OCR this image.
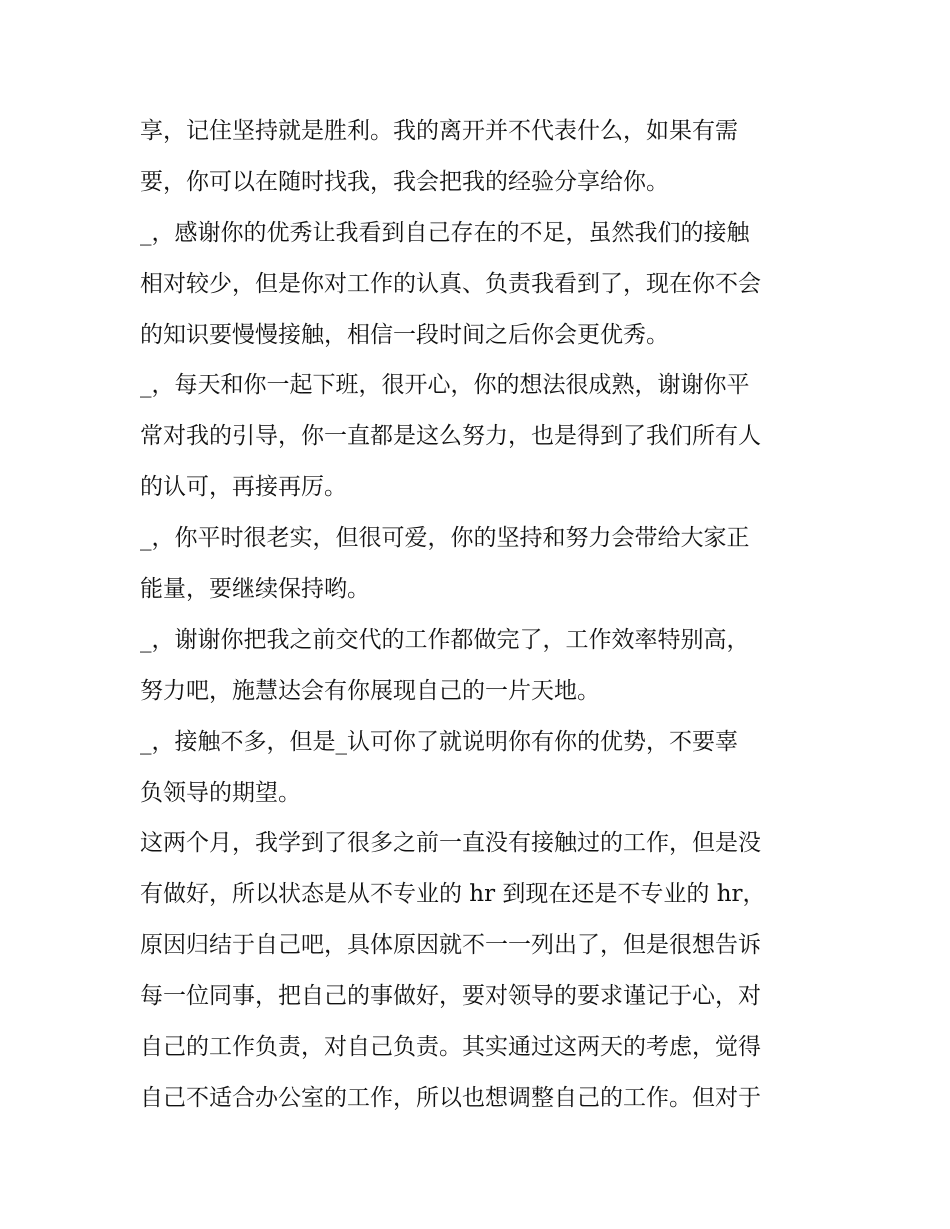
享，记住坚持就是胜利。我的离开并不代表什么，如果有需
要，你可以在随时找我，我会把我的经验分享给你。
_，感谢你的优秀让我看到自己存在的不足，虽然我们的接触
相对较少，但是你对工作的认真、负责我看到了，现在你不会
的知识要慢慢接触，相信一段时间之后你会更优秀。
_，每天和你一起下班，很开心，你的想法很成熟，谢谢你平
常对我的引导，你一直都是这么努力，也是得到了我们所有人
的认可，再接再厉。
_，你平时很老实，但很可爱，你的坚持和努力会带给大家正
能量，要继续保持哟。
_，谢谢你把我之前交代的工作都做完了，工作效率特别高，
努力吧，施慧达会有你展现自己的一片天地。
_，接触不多，但是_认可你了就说明你有你的优势，不要辜
负领导的期望。
这两个月，我学到了很多之前一直没有接触过的工作，但是没
有做好，所以状态是从不专业的 hr 到现在还是不专业的 hr，
原因归结于自己吧，具体原因就不一一列出了，但是很想告诉
每一位同事，把自己的事做好，要对领导的要求谨记于心，对
自己的工作负责，对自己负责。其实通过这两天的考虑，觉得
自己不适合办公室的工作，所以也想调整自己的工作。但对于
